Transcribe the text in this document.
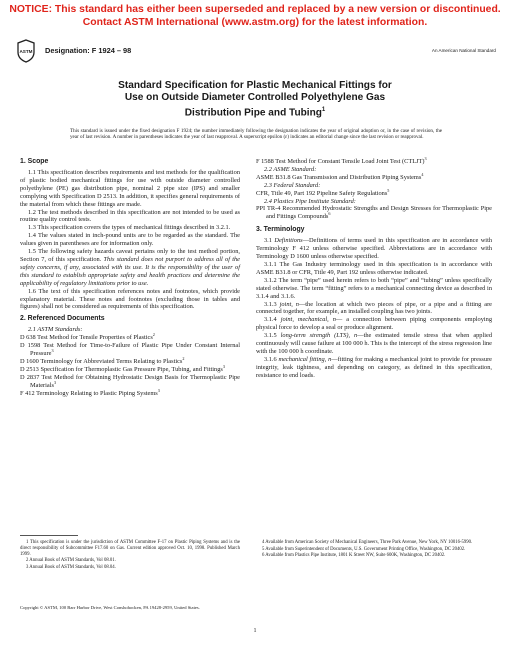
NOTICE: This standard has either been superseded and replaced by a new version or discontinued.
Contact ASTM International (www.astm.org) for the latest information.
ASTM Designation: F 1924 – 98	An American National Standard
Standard Specification for Plastic Mechanical Fittings for
Use on Outside Diameter Controlled Polyethylene Gas
Distribution Pipe and Tubing$^1$
This standard is issued under the fixed designation F 1924; the number immediately following the designation indicates the year of original adoption or, in the case of revision, the year of last revision. A number in parentheses indicates the year of last reapproval. A superscript epsilon (ε) indicates an editorial change since the last revision or reapproval.
1. Scope

1.1 This specification describes requirements and test methods for the qualification of plastic bodied mechanical fittings for use with outside diameter controlled polyethylene (PE) gas distribution pipe, nominal 2 pipe size (IPS) and smaller complying with Specification D 2513. In addition, it specifies general requirements of the material from which these fittings are made.

1.2 The test methods described in this specification are not intended to be used as routine quality control tests.

1.3 This specification covers the types of mechanical fittings described in 3.2.1.

1.4 The values stated in inch-pound units are to be regarded as the standard. The values given in parentheses are for information only.

1.5 The following safety hazards caveat pertains only to the test method portion, Section 7, of this specification. This standard does not purport to address all of the safety concerns, if any, associated with its use. It is the responsibility of the user of this standard to establish appropriate safety and health practices and determine the applicability of regulatory limitations prior to use.

1.6 The text of this specification references notes and footnotes, which provide explanatory material. These notes and footnotes (excluding those in tables and figures) shall not be considered as requirements of this specification.

2. Referenced Documents

2.1 ASTM Standards:

D 638 Test Method for Tensile Properties of Plastics$^2$
D 1598 Test Method for Time-to-Failure of Plastic Pipe Under Constant Internal Pressure$^3$
D 1600 Terminology for Abbreviated Terms Relating to Plastics$^2$
D 2513 Specification for Thermoplastic Gas Pressure Pipe, Tubing, and Fittings$^3$
D 2837 Test Method for Obtaining Hydrostatic Design Basis for Thermoplastic Pipe Materials$^3$
F 412 Terminology Relating to Plastic Piping Systems$^3$
F 1588 Test Method for Constant Tensile Load Joint Test (CTLJT)$^3$

2.2 ASME Standard:

ASME B31.8 Gas Transmission and Distribution Piping Systems$^4$

2.3 Federal Standard:

CFR, Title 49, Part 192 Pipeline Safety Regulations$^5$

2.4 Plastics Pipe Institute Standard:

PPI TR-4 Recommended Hydrostatic Strengths and Design Stresses for Thermoplastic Pipe and Fittings Compounds$^6$
3. Terminology

3.1 Definitions—Definitions of terms used in this specification are in accordance with Terminology F 412 unless otherwise specified. Abbreviations are in accordance with Terminology D 1600 unless otherwise specified.

3.1.1 The Gas Industry terminology used in this specification is in accordance with ASME B31.8 or CFR, Title 49, Part 192 unless otherwise indicated.

3.1.2 The term “pipe” used herein refers to both “pipe” and “tubing” unless specifically stated otherwise. The term “fitting” refers to a mechanical connecting device as described in 3.1.4 and 3.1.6.

3.1.3 joint, n—the location at which two pieces of pipe, or a pipe and a fitting are connected together, for example, an installed coupling has two joints.

3.1.4 joint, mechanical, n— a connection between piping components employing physical force to develop a seal or produce alignment.

3.1.5 long-term strength (LTS), n—the estimated tensile stress that when applied continuously will cause failure at 100 000 h. This is the intercept of the stress regression line with the 100 000 h coordinate.

3.1.6 mechanical fitting, n—fitting for making a mechanical joint to provide for pressure integrity, leak tightness, and depending on category, as defined in this specification, resistance to end loads.

1 This specification is under the jurisdiction of ASTM Committee F-17 on Plastic Piping Systems and is the direct responsibility of Subcommittee F17.60 on Gas. Current edition approved Oct. 10, 1998. Published March 1999.

2 Annual Book of ASTM Standards, Vol 08.01.

3 Annual Book of ASTM Standards, Vol 08.04.

4 Available from American Society of Mechanical Engineers, Three Park Avenue, New York, NY 10016-5990.

5 Available from Superintendent of Documents, U.S. Government Printing Office, Washington, DC 20402.

6 Available from Plastics Pipe Institute, 1801 K Street NW, Suite 600K, Washington, DC 20402.

Copyright © ASTM, 100 Barr Harbor Drive, West Conshohocken, PA 19428-2959, United States.
1
